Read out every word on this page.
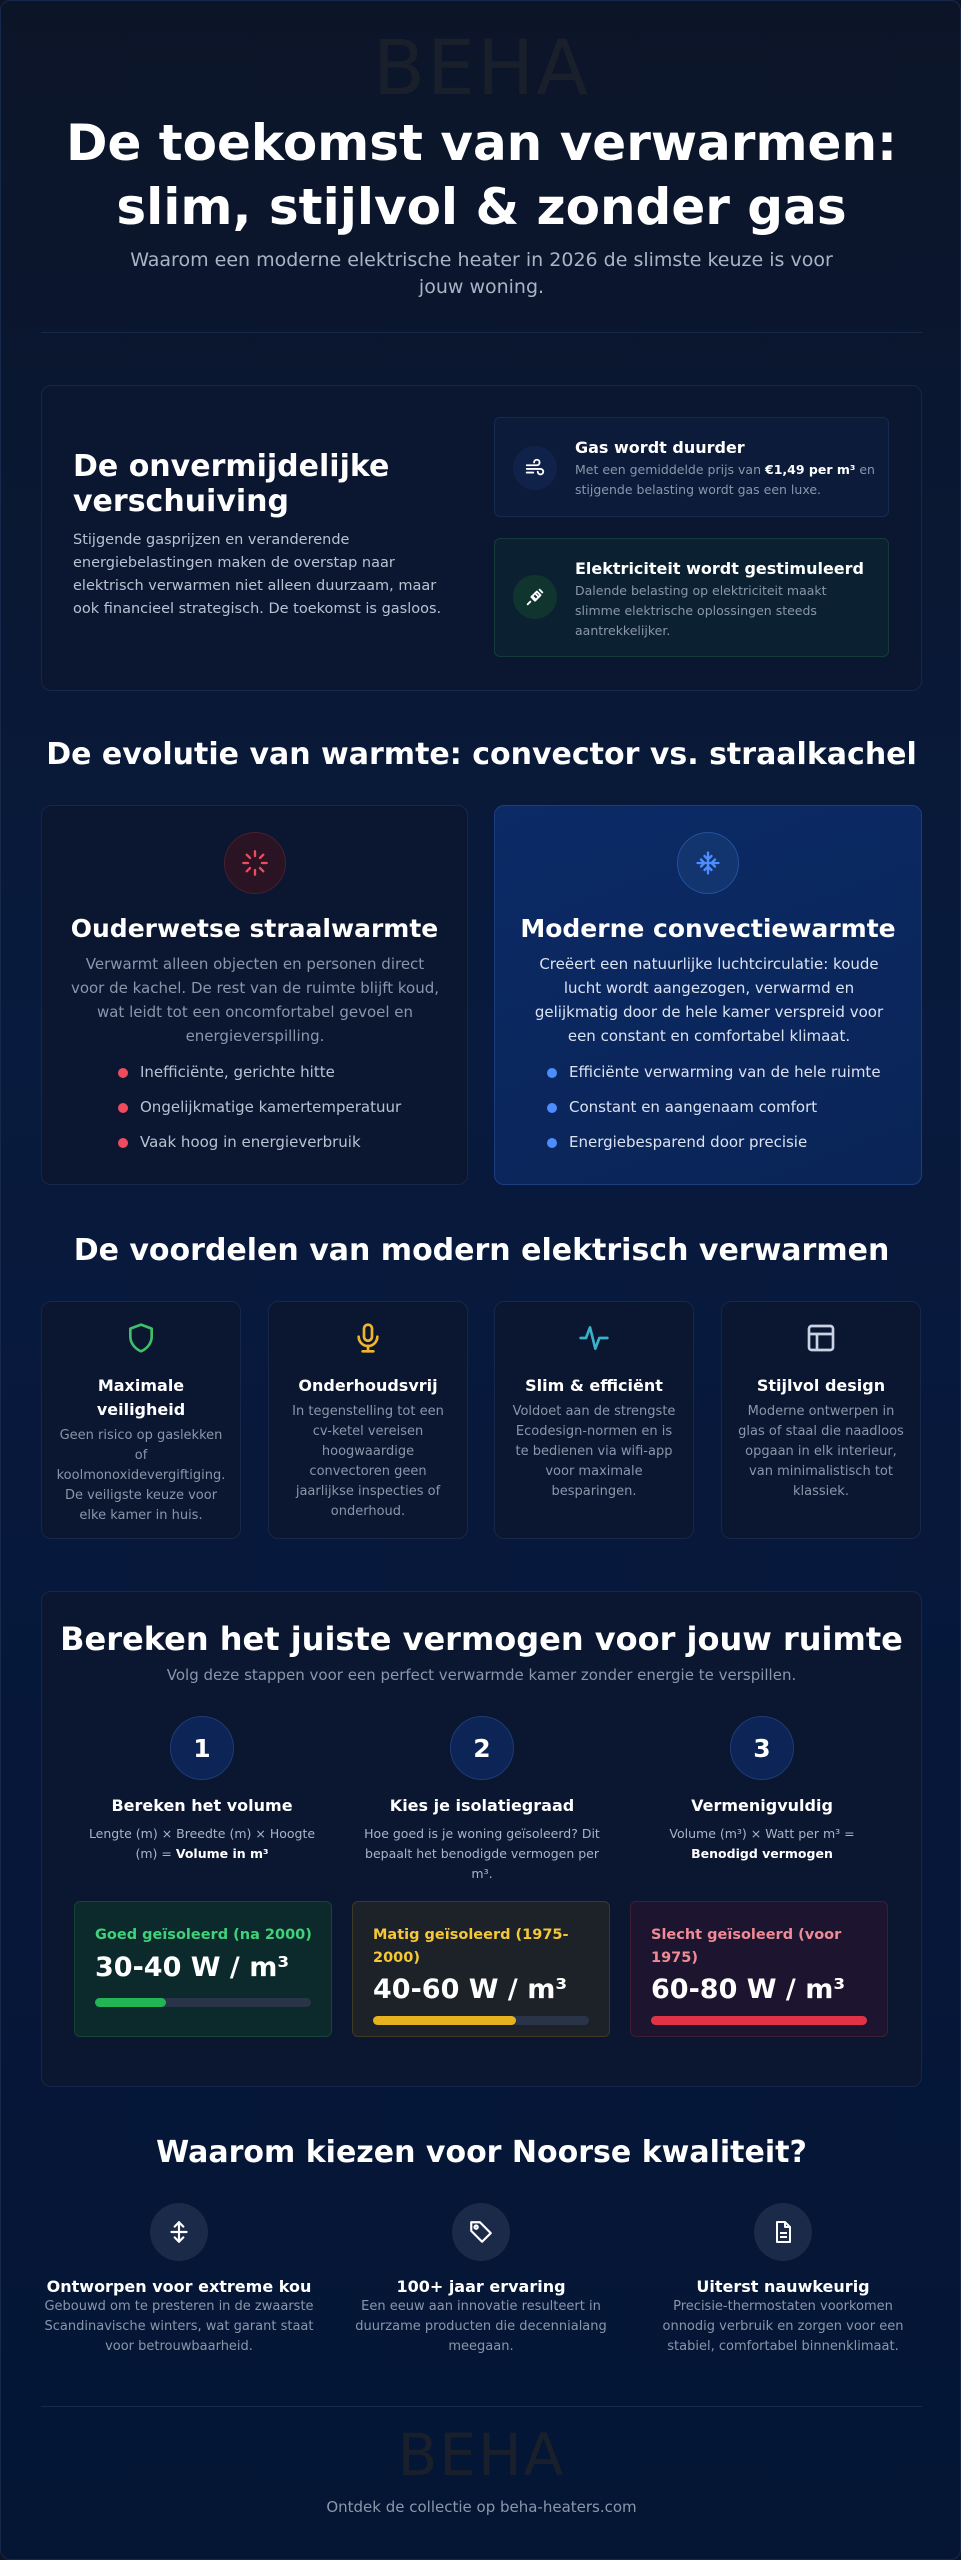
BEHA
De toekomst van verwarmen: slim, stijlvol & zonder gas

Waarom een moderne elektrische heater in 2026 de slimste keuze is voor jouw woning.

De onvermijdelijke verschuiving

Stijgende gasprijzen en veranderende energiebelastingen maken de overstap naar elektrisch verwarmen niet alleen duurzaam, maar ook financieel strategisch. De toekomst is gasloos.

Gas wordt duurder
Met een gemiddelde prijs van €1,49 per m³ en stijgende belasting wordt gas een luxe.
Elektriciteit wordt gestimuleerd
Dalende belasting op elektriciteit maakt slimme elektrische oplossingen steeds aantrekkelijker.
De evolutie van warmte: convector vs. straalkachel
Ouderwetse straalwarmte
Verwarmt alleen objecten en personen direct voor de kachel. De rest van de ruimte blijft koud, wat leidt tot een oncomfortabel gevoel en energieverspilling.
Inefficiënte, gerichte hitte
Ongelijkmatige kamertemperatuur
Vaak hoog in energieverbruik
Moderne convectiewarmte
Creëert een natuurlijke luchtcirculatie: koude lucht wordt aangezogen, verwarmd en gelijkmatig door de hele kamer verspreid voor een constant en comfortabel klimaat.
Efficiënte verwarming van de hele ruimte
Constant en aangenaam comfort
Energiebesparend door precisie
De voordelen van modern elektrisch verwarmen
Maximale veiligheid
Geen risico op gaslekken of koolmonoxidevergiftiging. De veiligste keuze voor elke kamer in huis.
Onderhoudsvrij
In tegenstelling tot een cv-ketel vereisen hoogwaardige convectoren geen jaarlijkse inspecties of onderhoud.
Slim & efficiënt
Voldoet aan de strengste Ecodesign-normen en is te bedienen via wifi-app voor maximale besparingen.
Stijlvol design
Moderne ontwerpen in glas of staal die naadloos opgaan in elk interieur, van minimalistisch tot klassiek.
Bereken het juiste vermogen voor jouw ruimte
Volg deze stappen voor een perfect verwarmde kamer zonder energie te verspillen.
1
Bereken het volume
Lengte (m) × Breedte (m) × Hoogte (m) = Volume in m³
2
Kies je isolatiegraad
Hoe goed is je woning geïsoleerd? Dit bepaalt het benodigde vermogen per m³.
3
Vermenigvuldig
Volume (m³) × Watt per m³ = Benodigd vermogen
Goed geïsoleerd (na 2000)
30-40 W / m³
Matig geïsoleerd (1975-2000)
40-60 W / m³
Slecht geïsoleerd (voor 1975)
60-80 W / m³
Waarom kiezen voor Noorse kwaliteit?
Ontworpen voor extreme kou
Gebouwd om te presteren in de zwaarste Scandinavische winters, wat garant staat voor betrouwbaarheid.
100+ jaar ervaring
Een eeuw aan innovatie resulteert in duurzame producten die decennialang meegaan.
Uiterst nauwkeurig
Precisie-thermostaten voorkomen onnodig verbruik en zorgen voor een stabiel, comfortabel binnenklimaat.
BEHA
Ontdek de collectie op beha-heaters.com
